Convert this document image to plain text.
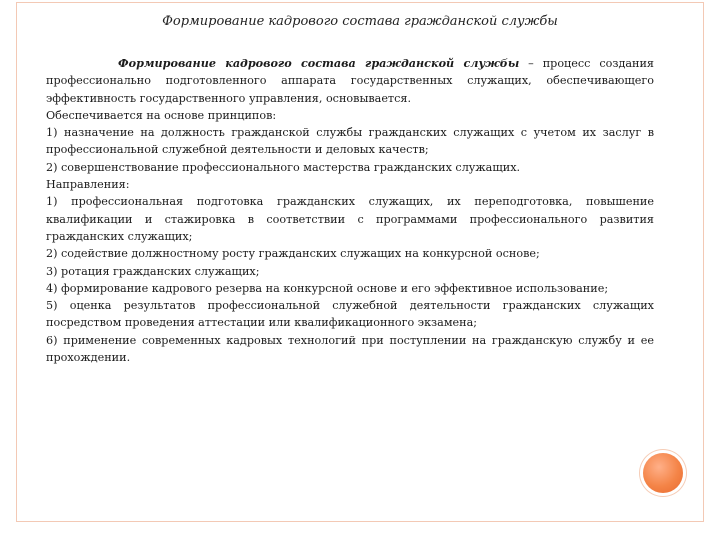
Формирование кадрового состава гражданской службы

Формирование кадрового состава гражданской службы – процесс создания профессионально подготовленного аппарата государственных служащих, обеспечивающего эффективность государственного управления, основывается.

Обеспечивается на основе принципов:

1) назначение на должность гражданской службы гражданских служащих с учетом их заслуг в профессиональной служебной деятельности и деловых качеств;

2) совершенствование профессионального мастерства гражданских служащих.

Направления:

1) профессиональная подготовка гражданских служащих, их переподготовка, повышение квалификации и стажировка в соответствии с программами профессионального развития гражданских служащих;

2) содействие должностному росту гражданских служащих на конкурсной основе;

3) ротация гражданских служащих;

4) формирование кадрового резерва на конкурсной основе и его эффективное использование;

5) оценка результатов профессиональной служебной деятельности гражданских служащих посредством проведения аттестации или квалификационного экзамена;

6) применение современных кадровых технологий при поступлении на гражданскую службу и ее прохождении.
